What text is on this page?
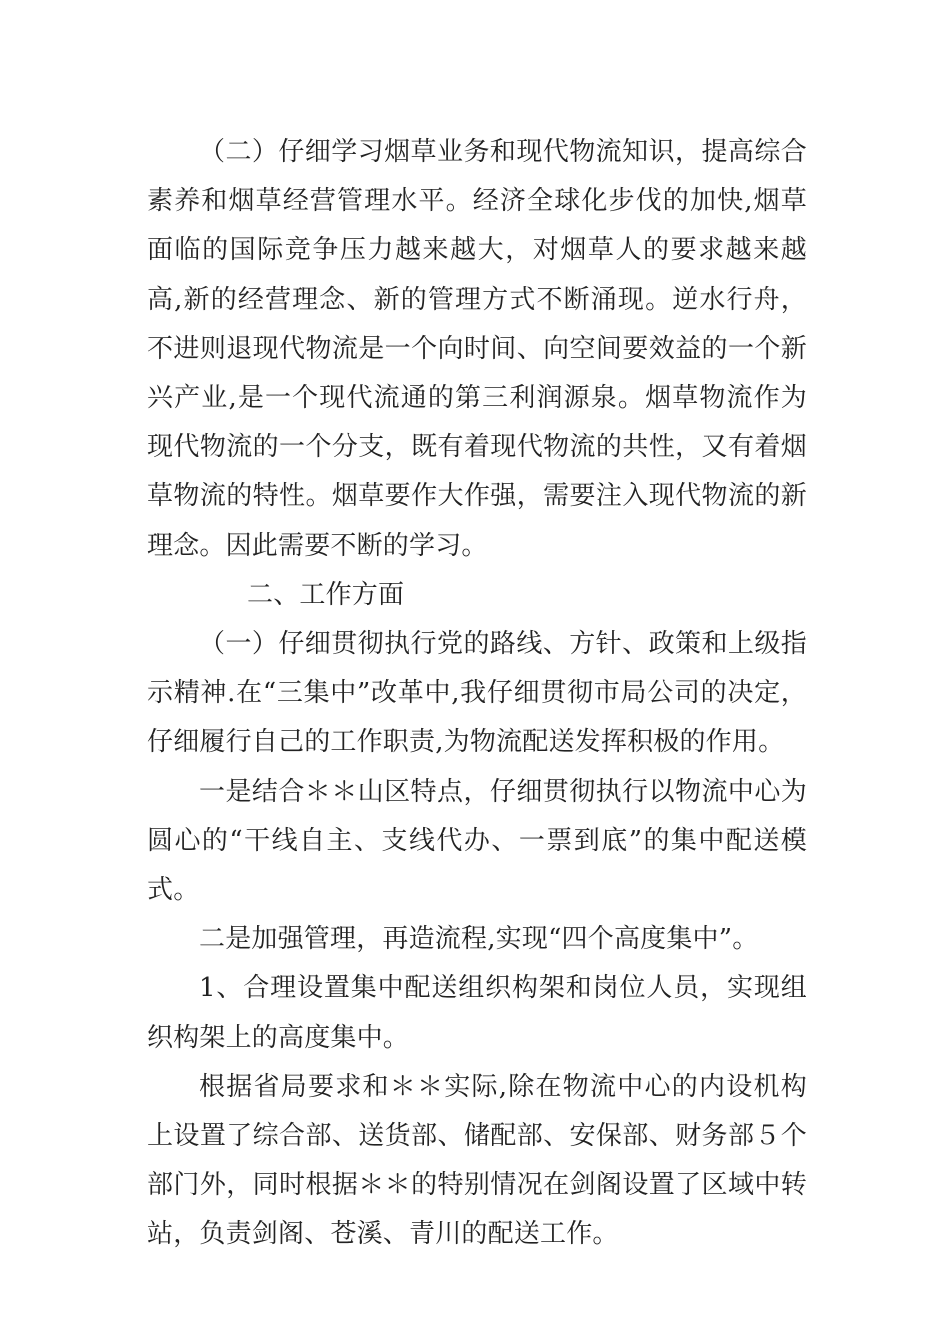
（二）仔细学习烟草业务和现代物流知识，提高综合素养和烟草经营管理水平。经济全球化步伐的加快,烟草面临的国际竞争压力越来越大，对烟草人的要求越来越高,新的经营理念、新的管理方式不断涌现。逆水行舟，不进则退现代物流是一个向时间、向空间要效益的一个新兴产业,是一个现代流通的第三利润源泉。烟草物流作为现代物流的一个分支，既有着现代物流的共性，又有着烟草物流的特性。烟草要作大作强，需要注入现代物流的新理念。因此需要不断的学习。

二、工作方面

（一）仔细贯彻执行党的路线、方针、政策和上级指示精神.在“三集中”改革中,我仔细贯彻市局公司的决定，仔细履行自己的工作职责,为物流配送发挥积极的作用。

一是结合＊＊山区特点，仔细贯彻执行以物流中心为圆心的“干线自主、支线代办、一票到底”的集中配送模式。

二是加强管理，再造流程,实现“四个高度集中”。

1、合理设置集中配送组织构架和岗位人员，实现组织构架上的高度集中。

根据省局要求和＊＊实际,除在物流中心的内设机构上设置了综合部、送货部、储配部、安保部、财务部５个部门外，同时根据＊＊的特别情况在剑阁设置了区域中转站，负责剑阁、苍溪、青川的配送工作。
